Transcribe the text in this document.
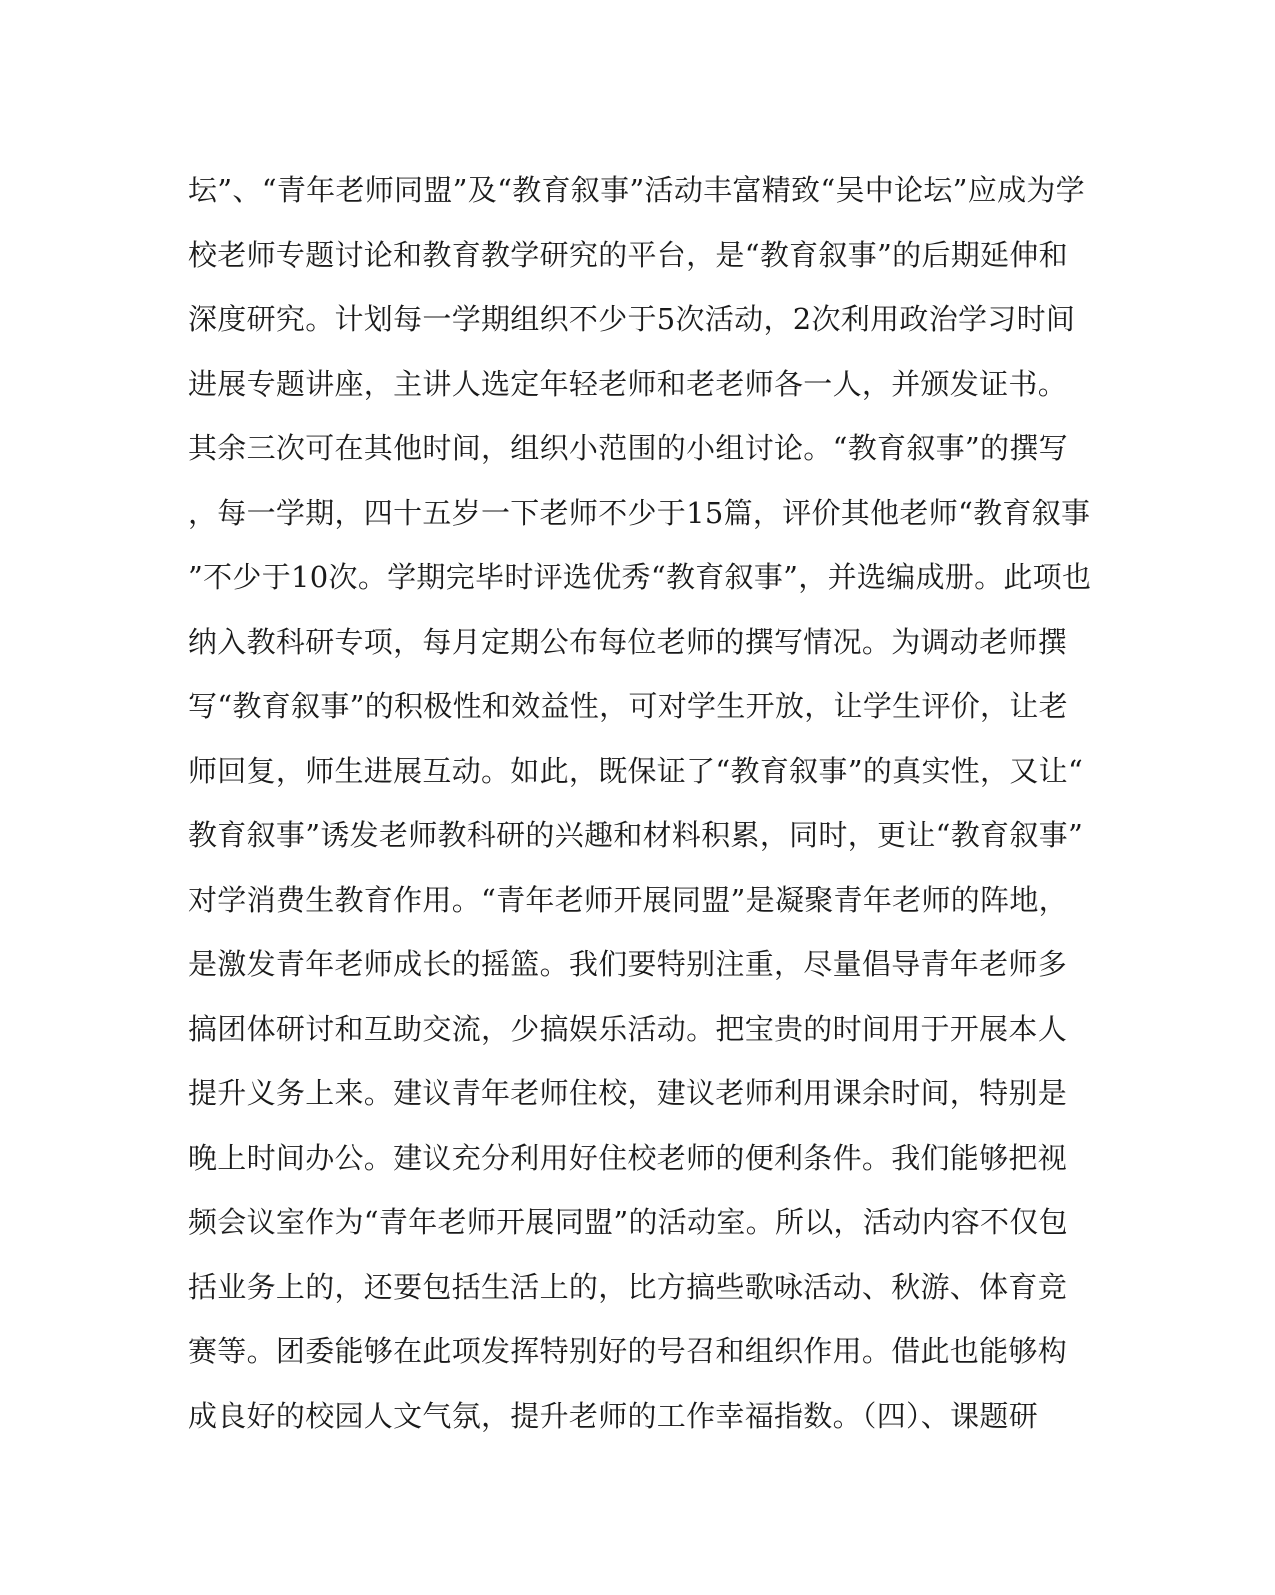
坛”、“青年老师同盟”及“教育叙事”活动丰富精致“吴中论坛”应成为学
校老师专题讨论和教育教学研究的平台，是“教育叙事”的后期延伸和
深度研究。计划每一学期组织不少于5次活动，2次利用政治学习时间
进展专题讲座，主讲人选定年轻老师和老老师各一人，并颁发证书。
其余三次可在其他时间，组织小范围的小组讨论。“教育叙事”的撰写
，每一学期，四十五岁一下老师不少于15篇，评价其他老师“教育叙事
”不少于10次。学期完毕时评选优秀“教育叙事”，并选编成册。此项也
纳入教科研专项，每月定期公布每位老师的撰写情况。为调动老师撰
写“教育叙事”的积极性和效益性，可对学生开放，让学生评价，让老
师回复，师生进展互动。如此，既保证了“教育叙事”的真实性，又让“
教育叙事”诱发老师教科研的兴趣和材料积累，同时，更让“教育叙事”
对学消费生教育作用。“青年老师开展同盟”是凝聚青年老师的阵地，
是激发青年老师成长的摇篮。我们要特别注重，尽量倡导青年老师多
搞团体研讨和互助交流，少搞娱乐活动。把宝贵的时间用于开展本人
提升义务上来。建议青年老师住校，建议老师利用课余时间，特别是
晚上时间办公。建议充分利用好住校老师的便利条件。我们能够把视
频会议室作为“青年老师开展同盟”的活动室。所以，活动内容不仅包
括业务上的，还要包括生活上的，比方搞些歌咏活动、秋游、体育竞
赛等。团委能够在此项发挥特别好的号召和组织作用。借此也能够构
成良好的校园人文气氛，提升老师的工作幸福指数。（四）、课题研
